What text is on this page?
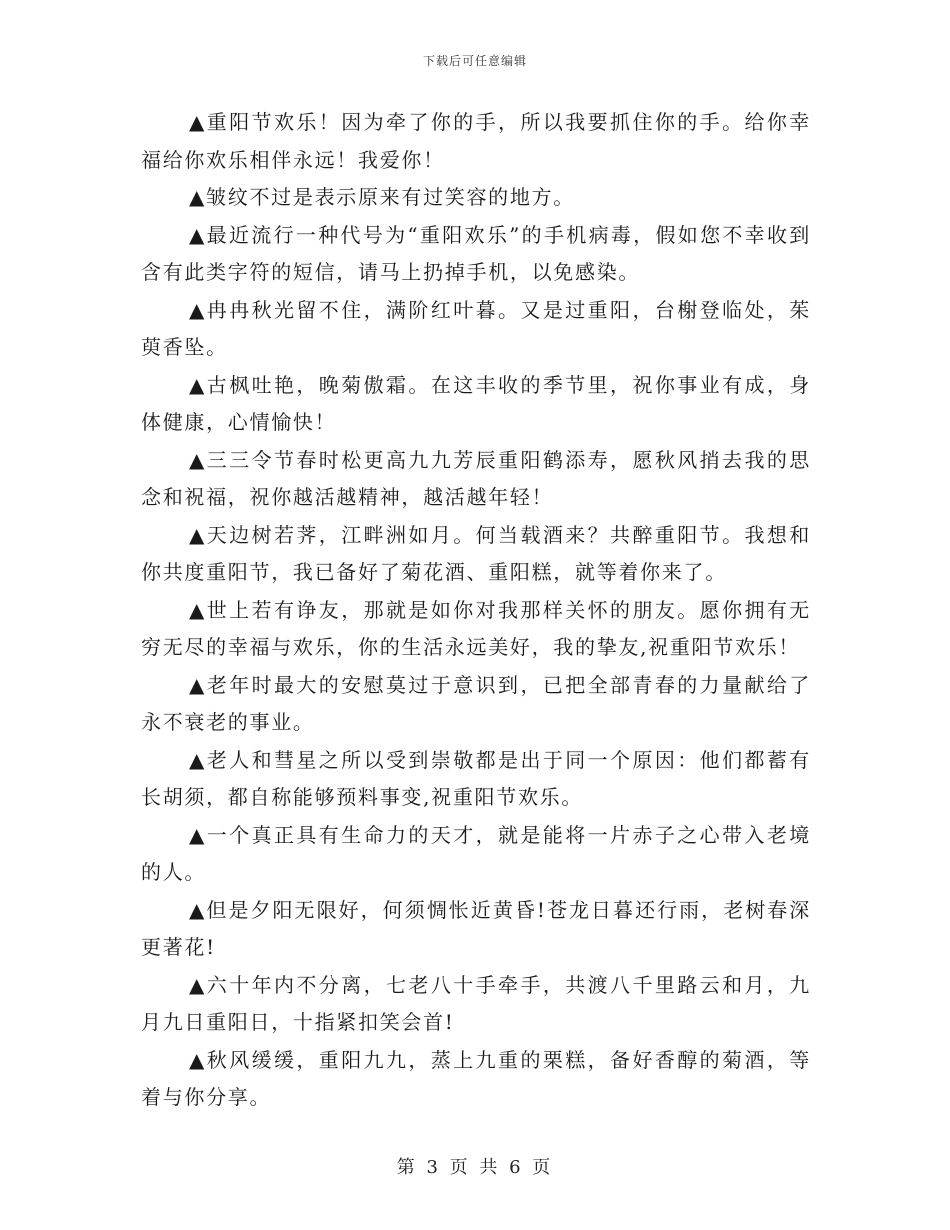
下载后可任意编辑

▲重阳节欢乐！因为牵了你的手，所以我要抓住你的手。给你幸福给你欢乐相伴永远！我爱你！

▲皱纹不过是表示原来有过笑容的地方。

▲最近流行一种代号为“重阳欢乐”的手机病毒，假如您不幸收到含有此类字符的短信，请马上扔掉手机，以免感染。

▲冉冉秋光留不住，满阶红叶暮。又是过重阳，台榭登临处，茱萸香坠。

▲古枫吐艳，晚菊傲霜。在这丰收的季节里，祝你事业有成，身体健康，心情愉快！

▲三三令节春时松更高九九芳辰重阳鹤添寿，愿秋风捎去我的思念和祝福，祝你越活越精神，越活越年轻！

▲天边树若荠，江畔洲如月。何当载酒来？共醉重阳节。我想和你共度重阳节，我已备好了菊花酒、重阳糕，就等着你来了。

▲世上若有诤友，那就是如你对我那样关怀的朋友。愿你拥有无穷无尽的幸福与欢乐，你的生活永远美好，我的挚友,祝重阳节欢乐！

▲老年时最大的安慰莫过于意识到，已把全部青春的力量献给了永不衰老的事业。

▲老人和彗星之所以受到崇敬都是出于同一个原因：他们都蓄有长胡须，都自称能够预料事变,祝重阳节欢乐。

▲一个真正具有生命力的天才，就是能将一片赤子之心带入老境的人。

▲但是夕阳无限好，何须惆怅近黄昏!苍龙日暮还行雨，老树春深更著花!

▲六十年内不分离，七老八十手牵手，共渡八千里路云和月，九月九日重阳日，十指紧扣笑会首!

▲秋风缓缓，重阳九九，蒸上九重的栗糕，备好香醇的菊酒，等着与你分享。

第 3 页 共 6 页
